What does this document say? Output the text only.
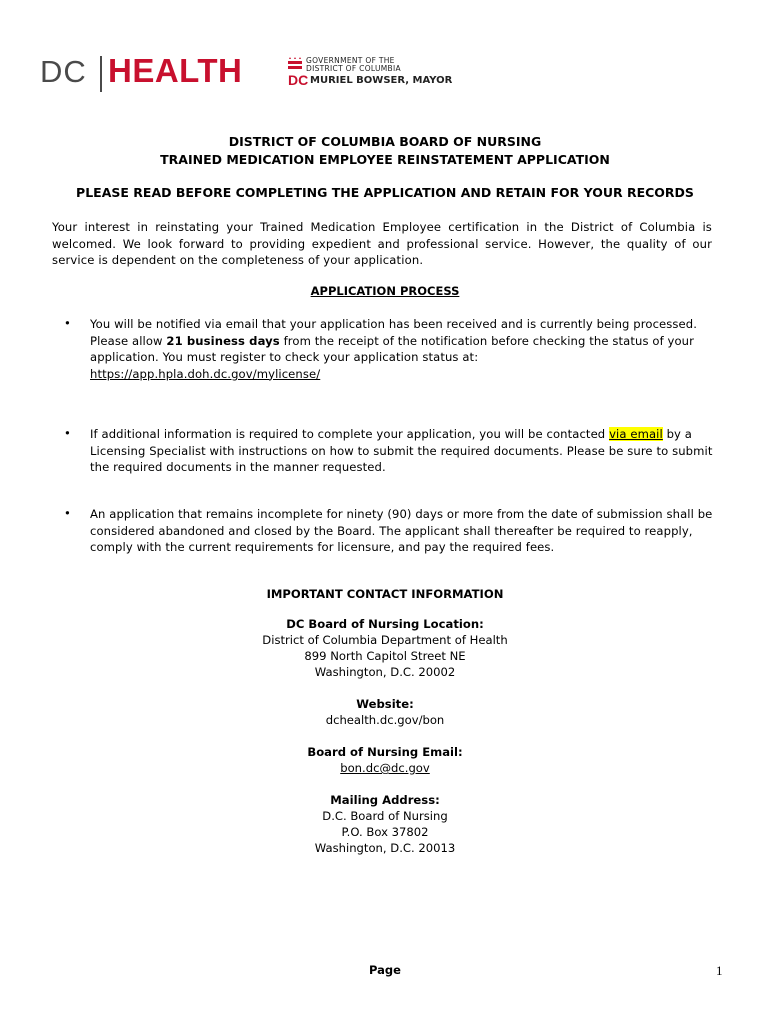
DC HEALTH	GOVERNMENT OF THE
DISTRICT OF COLUMBIA
DC MURIEL BOWSER, MAYOR
DISTRICT OF COLUMBIA BOARD OF NURSING
TRAINED MEDICATION EMPLOYEE REINSTATEMENT APPLICATION
PLEASE READ BEFORE COMPLETING THE APPLICATION AND RETAIN FOR YOUR RECORDS
Your interest in reinstating your Trained Medication Employee certification in the District of Columbia is welcomed. We look forward to providing expedient and professional service. However, the quality of our service is dependent on the completeness of your application.
APPLICATION PROCESS
• You will be notified via email that your application has been received and is currently being processed. Please allow 21 business days from the receipt of the notification before checking the status of your application. You must register to check your application status at:
https://app.hpla.doh.dc.gov/mylicense/
• If additional information is required to complete your application, you will be contacted via email by a Licensing Specialist with instructions on how to submit the required documents. Please be sure to submit the required documents in the manner requested.
• An application that remains incomplete for ninety (90) days or more from the date of submission shall be considered abandoned and closed by the Board. The applicant shall thereafter be required to reapply, comply with the current requirements for licensure, and pay the required fees.
IMPORTANT CONTACT INFORMATION
DC Board of Nursing Location:
District of Columbia Department of Health
899 North Capitol Street NE
Washington, D.C. 20002
Website:
dchealth.dc.gov/bon
Board of Nursing Email:
bon.dc@dc.gov
Mailing Address:
D.C. Board of Nursing
P.O. Box 37802
Washington, D.C. 20013
Page	1
